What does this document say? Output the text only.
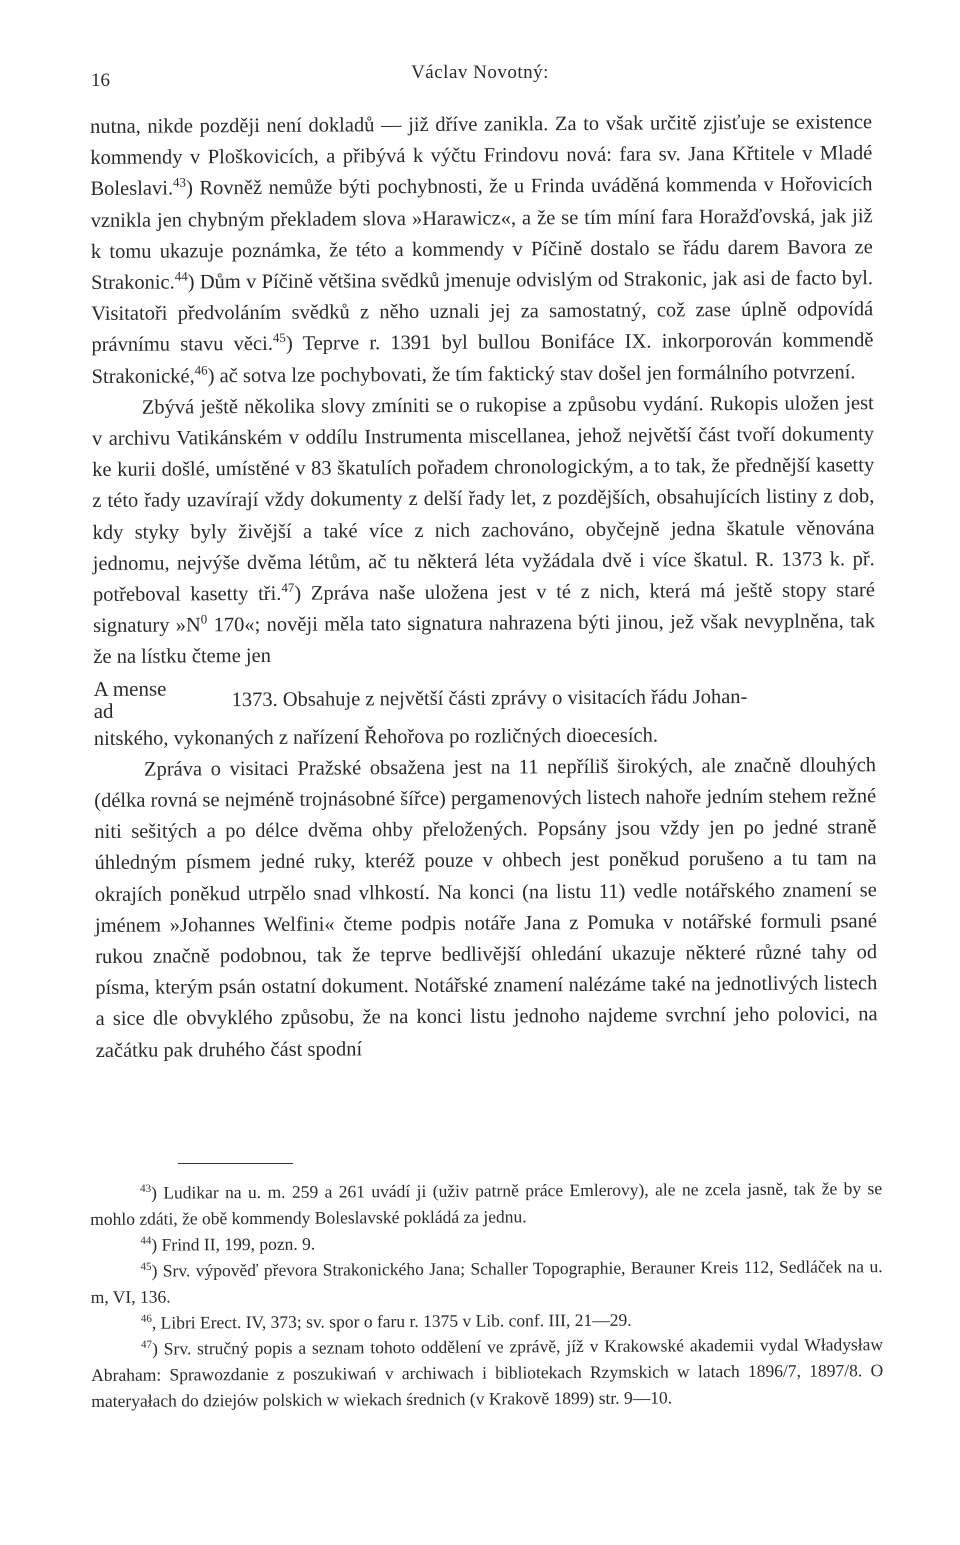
16	Václav Novotný:

nutna, nikde později není dokladů — již dříve zanikla. Za to však určitě zjisťuje se existence kommendy v Ploškovicích, a přibývá k výčtu Frindovu nová: fara sv. Jana Křtitele v Mladé Boleslavi.$^{43}$) Rovněž nemůže býti pochybnosti, že u Frinda uváděná kommenda v Hořovicích vznikla jen chybným překladem slova »Harawicz«, a že se tím míní fara Horažďovská, jak již k tomu ukazuje poznámka, že této a kommendy v Píčině dostalo se řádu darem Bavora ze Strakonic.$^{44}$) Dům v Píčině většina svědků jmenuje odvislým od Strakonic, jak asi de facto byl. Visitatoři předvoláním svědků z něho uznali jej za samostatný, což zase úplně odpovídá právnímu stavu věci.$^{45}$) Teprve r. 1391 byl bullou Bonifáce IX. inkorporován kommendě Strakonické,$^{46}$) ač sotva lze pochybovati, že tím faktický stav došel jen formálního potvrzení.

Zbývá ještě několika slovy zmíniti se o rukopise a způsobu vydání. Rukopis uložen jest v archivu Vatikánském v oddílu Instrumenta miscellanea, jehož největší část tvoří dokumenty ke kurii došlé, umístěné v 83 škatulích pořadem chronologickým, a to tak, že přednější kasetty z této řady uzavírají vždy dokumenty z delší řady let, z pozdějších, obsahujících listiny z dob, kdy styky byly živější a také více z nich zachováno, obyčejně jedna škatule věnována jednomu, nejvýše dvěma létům, ač tu některá léta vyžádala dvě i více škatul. R. 1373 k. př. potřeboval kasetty tři.$^{47}$) Zpráva naše uložena jest v té z nich, která má ještě stopy staré signatury $»N^0$ 170«; nověji měla tato signatura nahrazena býti jinou, jež však nevyplněna, tak že na lístku čteme jen

A mense
ad	1373. Obsahuje z největší části zprávy o visitacích řádu Johan-

nitského, vykonaných z nařízení Řehořova po rozličných dioecesích.

Zpráva o visitaci Pražské obsažena jest na 11 nepříliš širokých, ale značně dlouhých (délka rovná se nejméně trojnásobné šířce) pergamenových listech nahoře jedním stehem režné niti sešitých a po délce dvěma ohby přeložených. Popsány jsou vždy jen po jedné straně úhledným písmem jedné ruky, kteréž pouze v ohbech jest poněkud porušeno a tu tam na okrajích poněkud utrpělo snad vlhkostí. Na konci (na listu 11) vedle notářského znamení se jménem »Johannes Welfini« čteme podpis notáře Jana z Pomuka v notářské formuli psané rukou značně podobnou, tak že teprve bedlivější ohledání ukazuje některé různé tahy od písma, kterým psán ostatní dokument. Notářské znamení nalézáme také na jednotlivých listech a sice dle obvyklého způsobu, že na konci listu jednoho najdeme svrchní jeho polovici, na začátku pak druhého část spodní

$^{43}$) Ludikar na u. m. 259 a 261 uvádí ji (uživ patrně práce Emlerovy), ale ne zcela jasně, tak že by se mohlo zdáti, že obě kommendy Boleslavské pokládá za jednu.

$^{44}$) Frind II, 199, pozn. 9.

$^{45}$) Srv. výpověď převora Strakonického Jana; Schaller Topographie, Berauner Kreis 112, Sedláček na u. m, VI, 136.

$^{46}$, Libri Erect. IV, 373; sv. spor o faru r. 1375 v Lib. conf. III, 21—29.

$^{47}$) Srv. stručný popis a seznam tohoto oddělení ve zprávě, jíž v Krakowské akademii vydal Władysław Abraham: Sprawozdanie z poszukiwań v archiwach i bibliotekach Rzymskich w latach 1896/7, 1897/8. O materyałach do dziejów polskich w wiekach średnich (v Krakově 1899) str. 9—10.
